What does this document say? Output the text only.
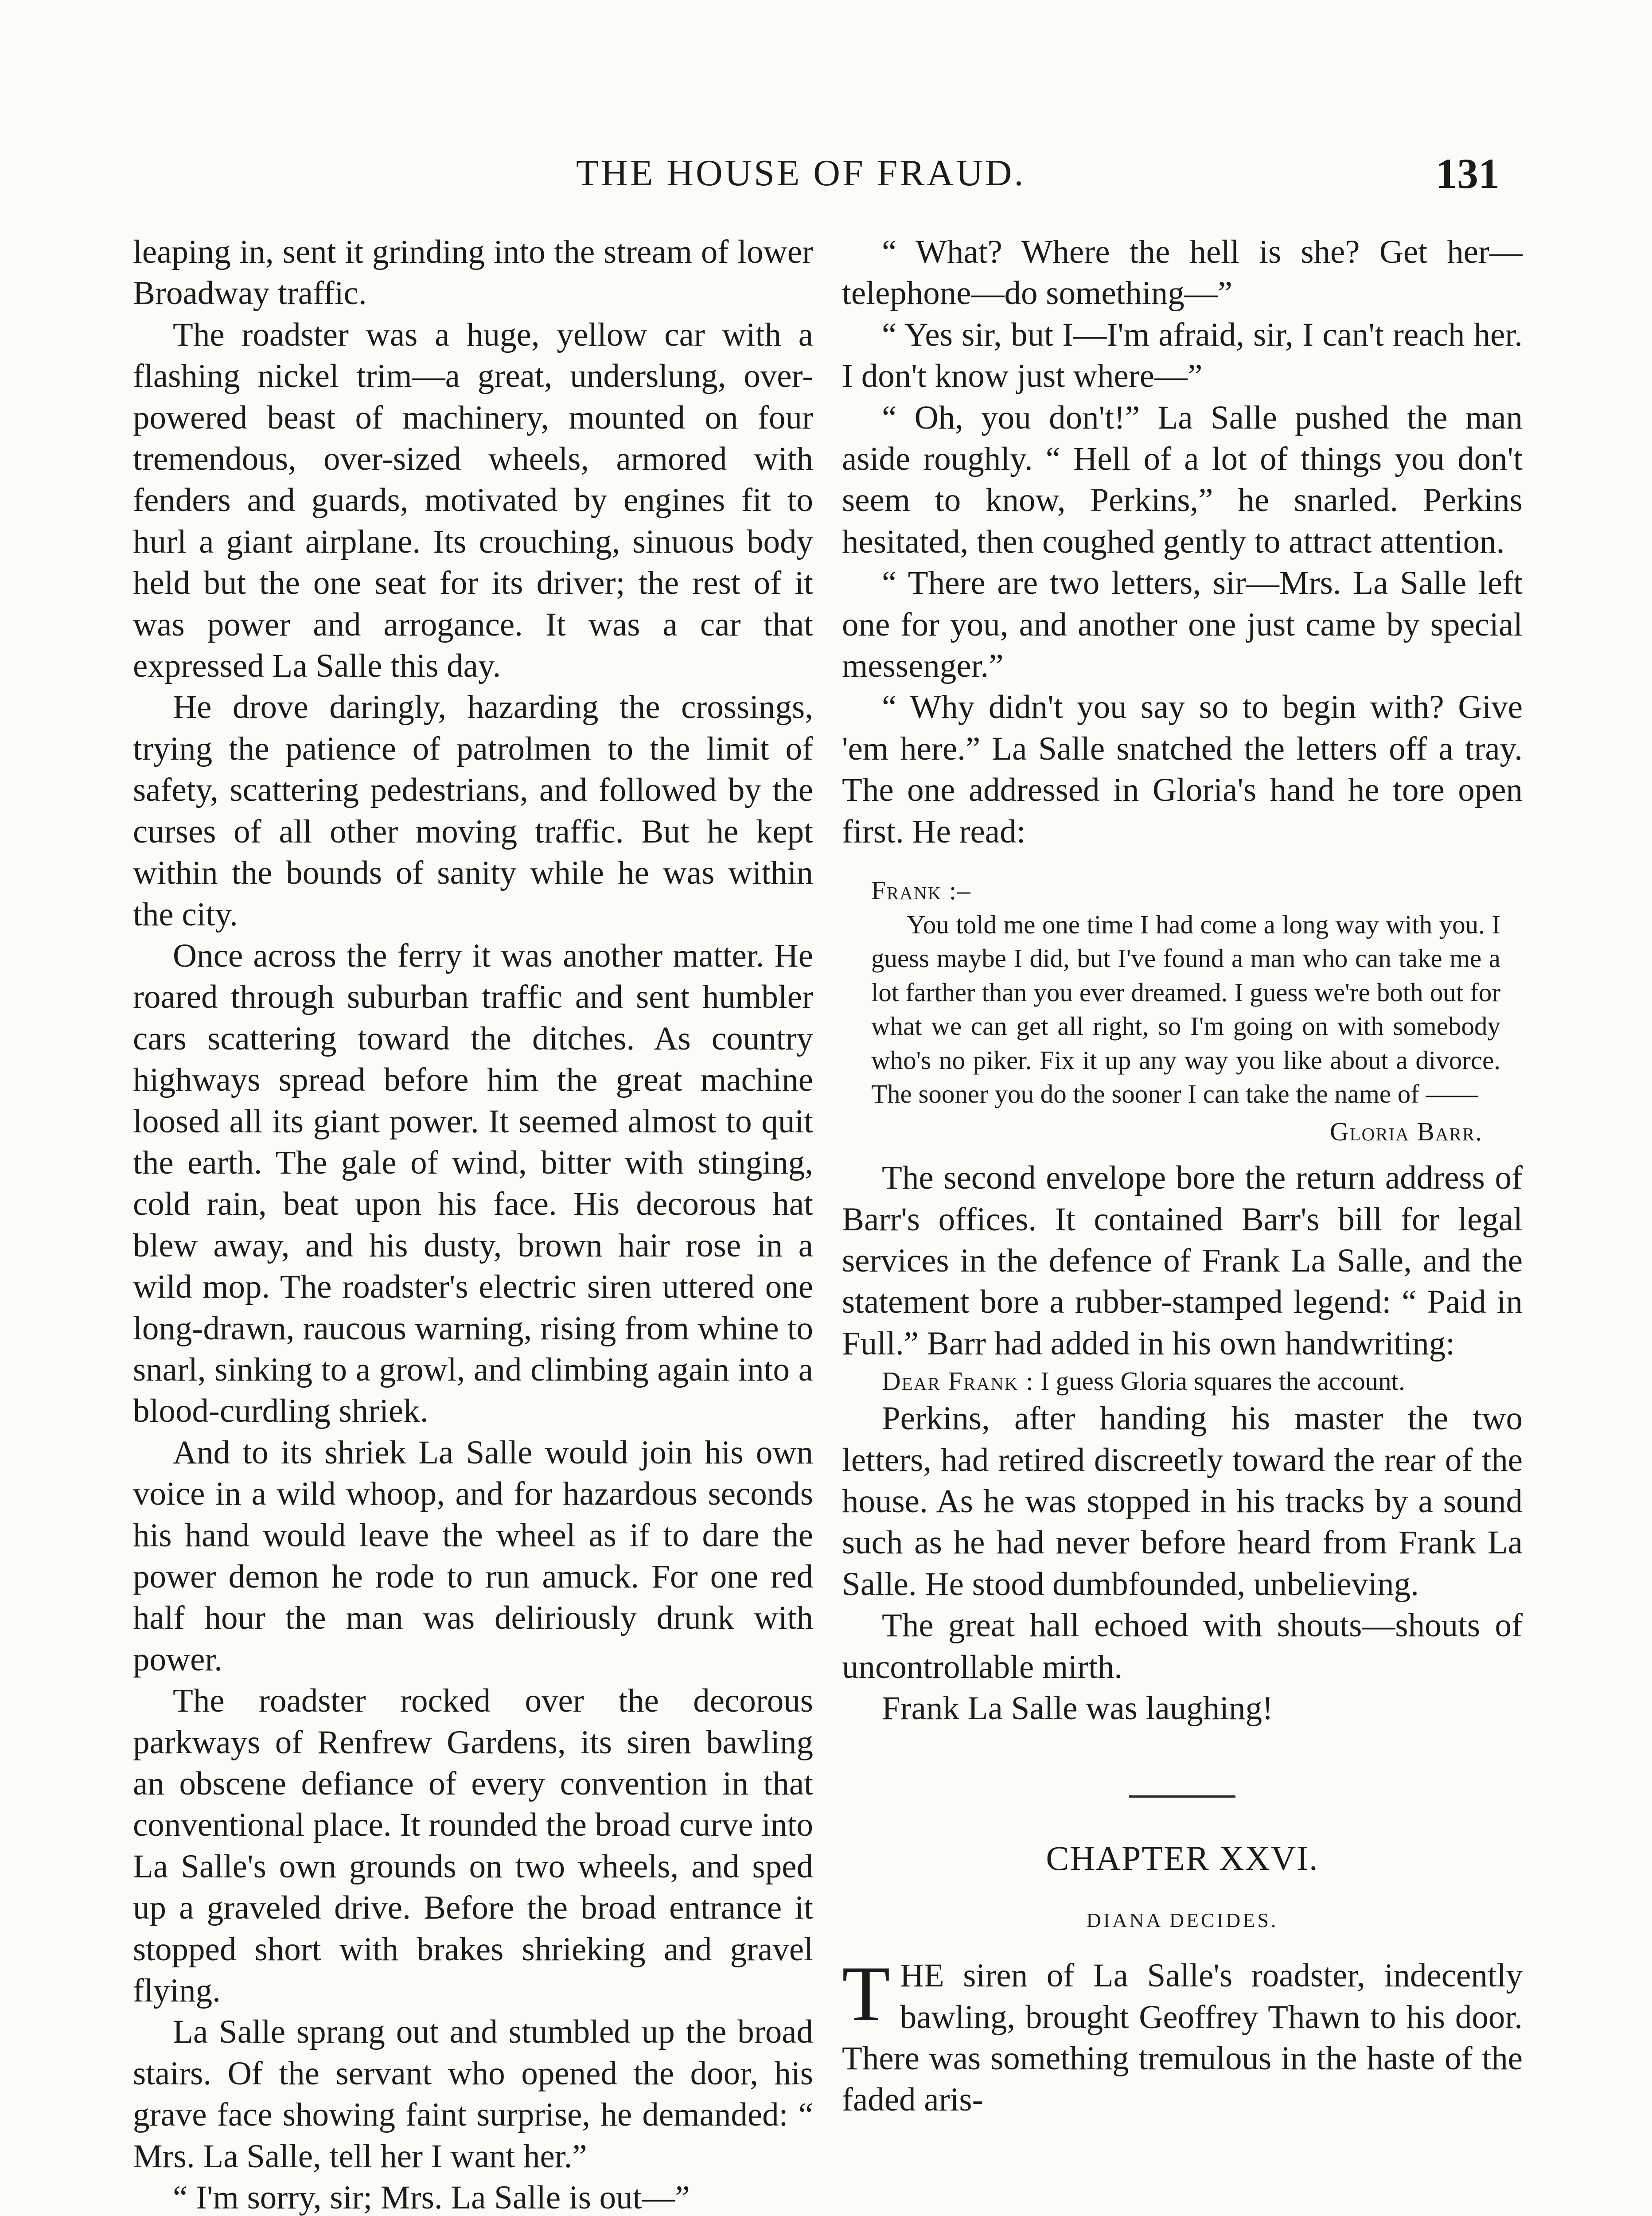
THE HOUSE OF FRAUD.	131

leaping in, sent it grinding into the stream of lower Broadway traffic.

The roadster was a huge, yellow car with a flashing nickel trim—a great, underslung, over-powered beast of machinery, mounted on four tremendous, over-sized wheels, armored with fenders and guards, motivated by engines fit to hurl a giant airplane. Its crouching, sinuous body held but the one seat for its driver; the rest of it was power and arrogance. It was a car that expressed La Salle this day.

He drove daringly, hazarding the crossings, trying the patience of patrolmen to the limit of safety, scattering pedestrians, and followed by the curses of all other moving traffic. But he kept within the bounds of sanity while he was within the city.

Once across the ferry it was another matter. He roared through suburban traffic and sent humbler cars scattering toward the ditches. As country highways spread before him the great machine loosed all its giant power. It seemed almost to quit the earth. The gale of wind, bitter with stinging, cold rain, beat upon his face. His decorous hat blew away, and his dusty, brown hair rose in a wild mop. The roadster's electric siren uttered one long-drawn, raucous warning, rising from whine to snarl, sinking to a growl, and climbing again into a blood-curdling shriek.

And to its shriek La Salle would join his own voice in a wild whoop, and for hazardous seconds his hand would leave the wheel as if to dare the power demon he rode to run amuck. For one red half hour the man was deliriously drunk with power.

The roadster rocked over the decorous parkways of Renfrew Gardens, its siren bawling an obscene defiance of every convention in that conventional place. It rounded the broad curve into La Salle's own grounds on two wheels, and sped up a graveled drive. Before the broad entrance it stopped short with brakes shrieking and gravel flying.

La Salle sprang out and stumbled up the broad stairs. Of the servant who opened the door, his grave face showing faint surprise, he demanded: “ Mrs. La Salle, tell her I want her.”

“ I'm sorry, sir; Mrs. La Salle is out—”

“ What? Where the hell is she? Get her—telephone—do something—”

“ Yes sir, but I—I'm afraid, sir, I can't reach her. I don't know just where—”

“ Oh, you don't!” La Salle pushed the man aside roughly. “ Hell of a lot of things you don't seem to know, Perkins,” he snarled. Perkins hesitated, then coughed gently to attract attention.

“ There are two letters, sir—Mrs. La Salle left one for you, and another one just came by special messenger.”

“ Why didn't you say so to begin with? Give 'em here.” La Salle snatched the letters off a tray. The one addressed in Gloria's hand he tore open first. He read:

Frank :–

You told me one time I had come a long way with you. I guess maybe I did, but I've found a man who can take me a lot farther than you ever dreamed. I guess we're both out for what we can get all right, so I'm going on with somebody who's no piker. Fix it up any way you like about a divorce. The sooner you do the sooner I can take the name of ——

Gloria Barr.

The second envelope bore the return address of Barr's offices. It contained Barr's bill for legal services in the defence of Frank La Salle, and the statement bore a rubber-stamped legend: “ Paid in Full.” Barr had added in his own handwriting:

Dear Frank : I guess Gloria squares the account.

Perkins, after handing his master the two letters, had retired discreetly toward the rear of the house. As he was stopped in his tracks by a sound such as he had never before heard from Frank La Salle. He stood dumbfounded, unbelieving.

The great hall echoed with shouts—shouts of uncontrollable mirth.

Frank La Salle was laughing!

CHAPTER XXVI.
DIANA DECIDES.

THE siren of La Salle's roadster, indecently bawling, brought Geoffrey Thawn to his door. There was something tremulous in the haste of the faded aris-
